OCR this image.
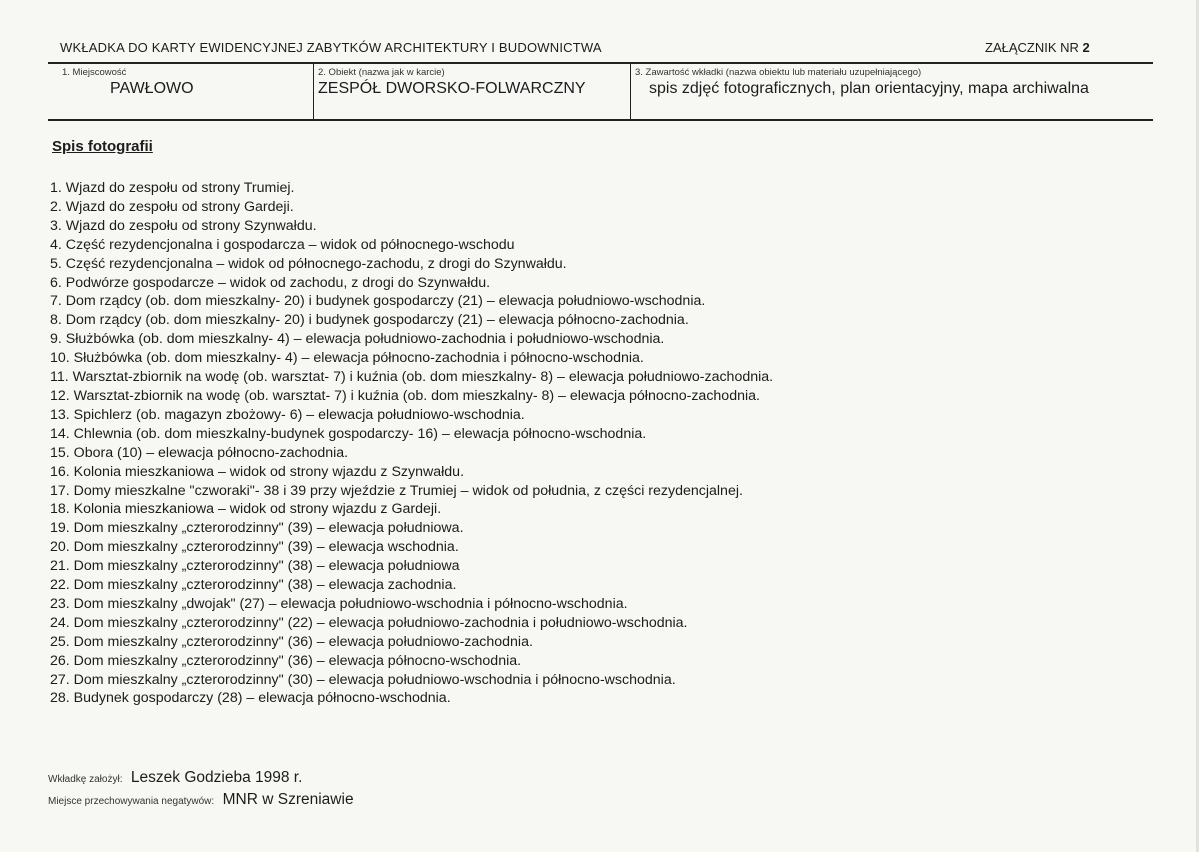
WKŁADKA DO KARTY EWIDENCYJNEJ ZABYTKÓW ARCHITEKTURY I BUDOWNICTWA	ZAŁĄCZNIK NR 2
1. Miejscowość
PAWŁOWO
2. Obiekt (nazwa jak w karcie)
ZESPÓŁ DWORSKO-FOLWARCZNY
3. Zawartość wkładki (nazwa obiektu lub materiału uzupełniającego)
spis zdjęć fotograficznych, plan orientacyjny, mapa archiwalna
Spis fotografii
1. Wjazd do zespołu od strony Trumiej.
2. Wjazd do zespołu od strony Gardeji.
3. Wjazd do zespołu od strony Szynwałdu.
4. Część rezydencjonalna i gospodarcza – widok od północnego-wschodu
5. Część rezydencjonalna – widok od północnego-zachodu, z drogi do Szynwałdu.
6. Podwórze gospodarcze – widok od zachodu, z drogi do Szynwałdu.
7. Dom rządcy (ob. dom mieszkalny- 20) i budynek gospodarczy (21) – elewacja południowo-wschodnia.
8. Dom rządcy (ob. dom mieszkalny- 20) i budynek gospodarczy (21) – elewacja północno-zachodnia.
9. Służbówka (ob. dom mieszkalny- 4) – elewacja południowo-zachodnia i południowo-wschodnia.
10. Służbówka (ob. dom mieszkalny- 4) – elewacja północno-zachodnia i północno-wschodnia.
11. Warsztat-zbiornik na wodę (ob. warsztat- 7) i kuźnia (ob. dom mieszkalny- 8) – elewacja południowo-zachodnia.
12. Warsztat-zbiornik na wodę (ob. warsztat- 7) i kuźnia (ob. dom mieszkalny- 8) – elewacja północno-zachodnia.
13. Spichlerz (ob. magazyn zbożowy- 6) – elewacja południowo-wschodnia.
14. Chlewnia (ob. dom mieszkalny-budynek gospodarczy- 16) – elewacja północno-wschodnia.
15. Obora (10) – elewacja północno-zachodnia.
16. Kolonia mieszkaniowa – widok od strony wjazdu z Szynwałdu.
17. Domy mieszkalne "czworaki"- 38 i 39 przy wjeździe z Trumiej – widok od południa, z części rezydencjalnej.
18. Kolonia mieszkaniowa – widok od strony wjazdu z Gardeji.
19. Dom mieszkalny „czterorodzinny" (39) – elewacja południowa.
20. Dom mieszkalny „czterorodzinny" (39) – elewacja wschodnia.
21. Dom mieszkalny „czterorodzinny" (38) – elewacja południowa
22. Dom mieszkalny „czterorodzinny" (38) – elewacja zachodnia.
23. Dom mieszkalny „dwojak" (27) – elewacja południowo-wschodnia i północno-wschodnia.
24. Dom mieszkalny „czterorodzinny" (22) – elewacja południowo-zachodnia i południowo-wschodnia.
25. Dom mieszkalny „czterorodzinny" (36) – elewacja południowo-zachodnia.
26. Dom mieszkalny „czterorodzinny" (36) – elewacja północno-wschodnia.
27. Dom mieszkalny „czterorodzinny" (30) – elewacja południowo-wschodnia i północno-wschodnia.
28. Budynek gospodarczy (28) – elewacja północno-wschodnia.
Wkładkę założył: Leszek Godzieba 1998 r.
Miejsce przechowywania negatywów: MNR w Szreniawie
